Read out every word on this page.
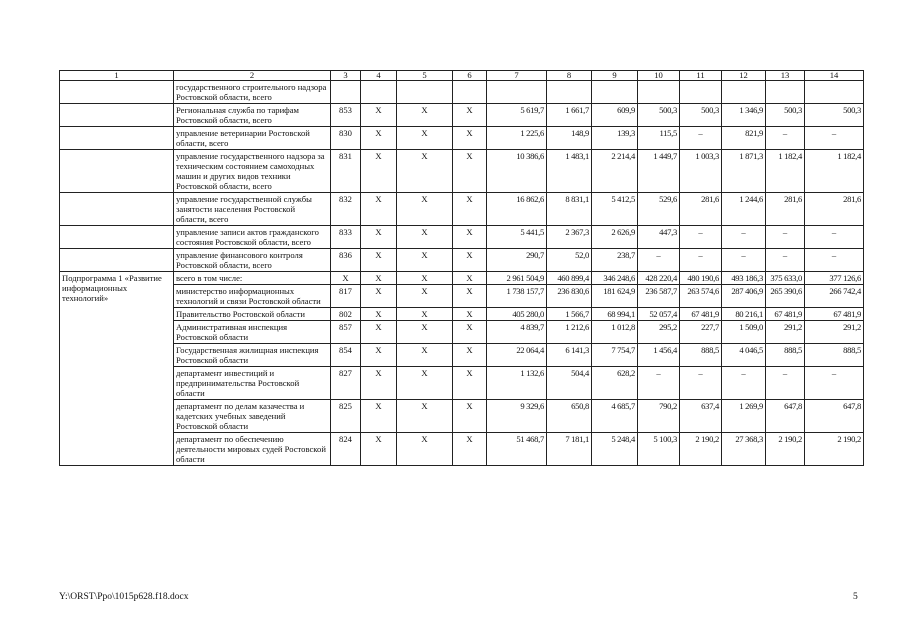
1	2	3	4	5	6	7	8	9	10	11	12	13	14
	государственного строительного надзора Ростовской области, всего												
	Региональная служба по тарифам Ростовской области, всего	853	Х	Х	Х	5 619,7	1 661,7	609,9	500,3	500,3	1 346,9	500,3	500,3
	управление ветеринарии Ростовской области, всего	830	Х	Х	Х	1 225,6	148,9	139,3	115,5	–	821,9	–	–
	управление государственного надзора за техническим состоянием самоходных машин и других видов техники Ростовской области, всего	831	Х	Х	Х	10 386,6	1 483,1	2 214,4	1 449,7	1 003,3	1 871,3	1 182,4	1 182,4
	управление государственной службы занятости населения Ростовской области, всего	832	Х	Х	Х	16 862,6	8 831,1	5 412,5	529,6	281,6	1 244,6	281,6	281,6
	управление записи актов гражданского состояния Ростовской области, всего	833	Х	Х	Х	5 441,5	2 367,3	2 626,9	447,3	–	–	–	–
	управление финансового контроля Ростовской области, всего	836	Х	Х	Х	290,7	52,0	238,7	–	–	–	–	–
Подпрограмма 1 «Развитие информационных технологий»	всего в том числе:	Х	Х	Х	Х	2 961 504,9	460 899,4	346 248,6	428 220,4	480 190,6	493 186,3	375 633,0	377 126,6
	министерство информационных технологий и связи Ростовской области	817	Х	Х	Х	1 738 157,7	236 830,6	181 624,9	236 587,7	263 574,6	287 406,9	265 390,6	266 742,4
	Правительство Ростовской области	802	Х	Х	Х	405 280,0	1 566,7	68 994,1	52 057,4	67 481,9	80 216,1	67 481,9	67 481,9
	Административная инспекция Ростовской области	857	Х	Х	Х	4 839,7	1 212,6	1 012,8	295,2	227,7	1 509,0	291,2	291,2
	Государственная жилищная инспекция Ростовской области	854	Х	Х	Х	22 064,4	6 141,3	7 754,7	1 456,4	888,5	4 046,5	888,5	888,5
	департамент инвестиций и предпринимательства Ростовской области	827	Х	Х	Х	1 132,6	504,4	628,2	–	–	–	–	–
	департамент по делам казачества и кадетских учебных заведений Ростовской области	825	Х	Х	Х	9 329,6	650,8	4 685,7	790,2	637,4	1 269,9	647,8	647,8
	департамент по обеспечению деятельности мировых судей Ростовской области	824	Х	Х	Х	51 468,7	7 181,1	5 248,4	5 100,3	2 190,2	27 368,3	2 190,2	2 190,2
Y:\ORST\Ppo\1015p628.f18.docx	5
